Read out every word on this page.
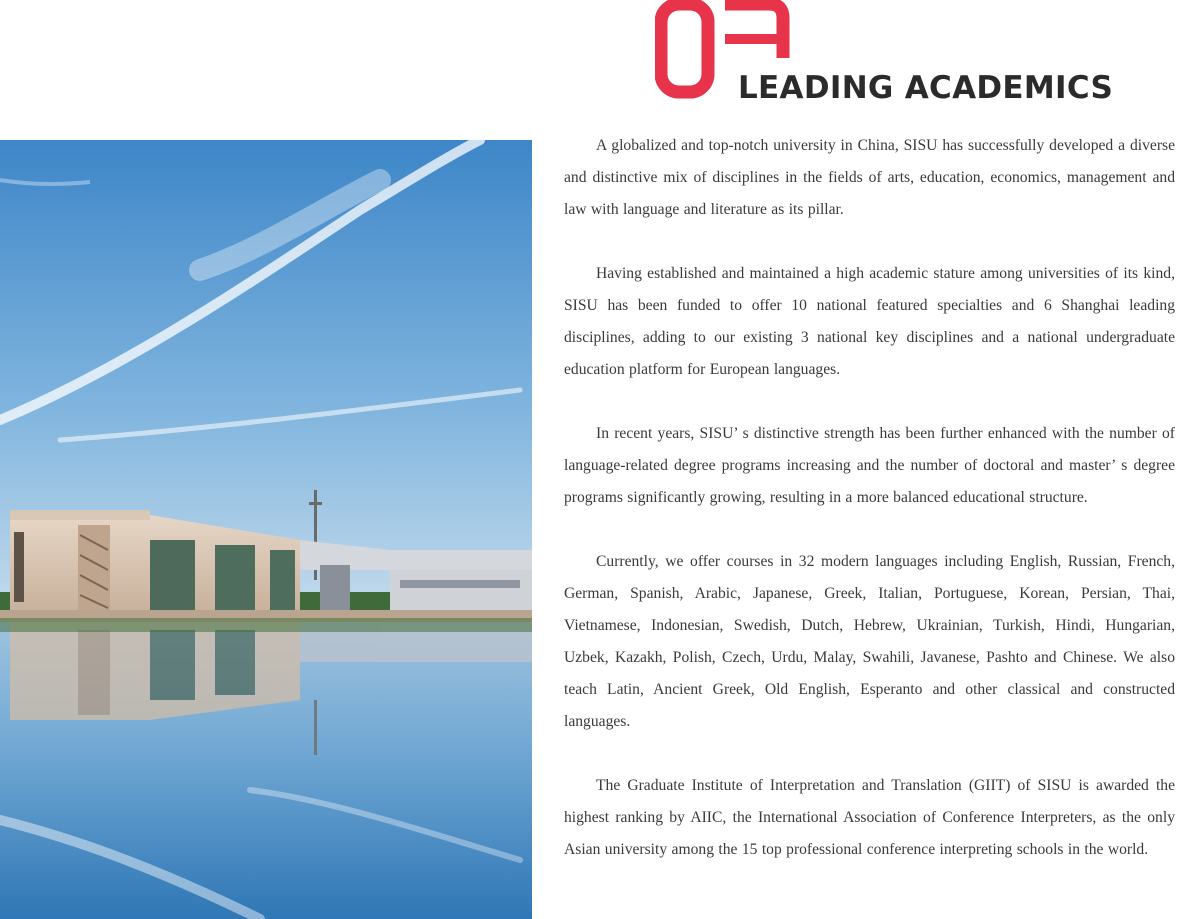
LEADING ACADEMICS

A globalized and top-notch university in China, SISU has successfully developed a diverse and distinctive mix of disciplines in the fields of arts, education, economics, management and law with language and literature as its pillar.

Having established and maintained a high academic stature among universities of its kind, SISU has been funded to offer 10 national featured specialties and 6 Shanghai leading disciplines, adding to our existing 3 national key disciplines and a national undergraduate education platform for European languages.

In recent years, SISU’ s distinctive strength has been further enhanced with the number of language-related degree programs increasing and the number of doctoral and master’ s degree programs significantly growing, resulting in a more balanced educational structure.

Currently, we offer courses in 32 modern languages including English, Russian, French, German, Spanish, Arabic, Japanese, Greek, Italian, Portuguese, Korean, Persian, Thai, Vietnamese, Indonesian, Swedish, Dutch, Hebrew, Ukrainian, Turkish, Hindi, Hungarian, Uzbek, Kazakh, Polish, Czech, Urdu, Malay, Swahili, Javanese, Pashto and Chinese. We also teach Latin, Ancient Greek, Old English, Esperanto and other classical and constructed languages.

The Graduate Institute of Interpretation and Translation (GIIT) of SISU is awarded the highest ranking by AIIC, the International Association of Conference Interpreters, as the only Asian university among the 15 top professional conference interpreting schools in the world.
